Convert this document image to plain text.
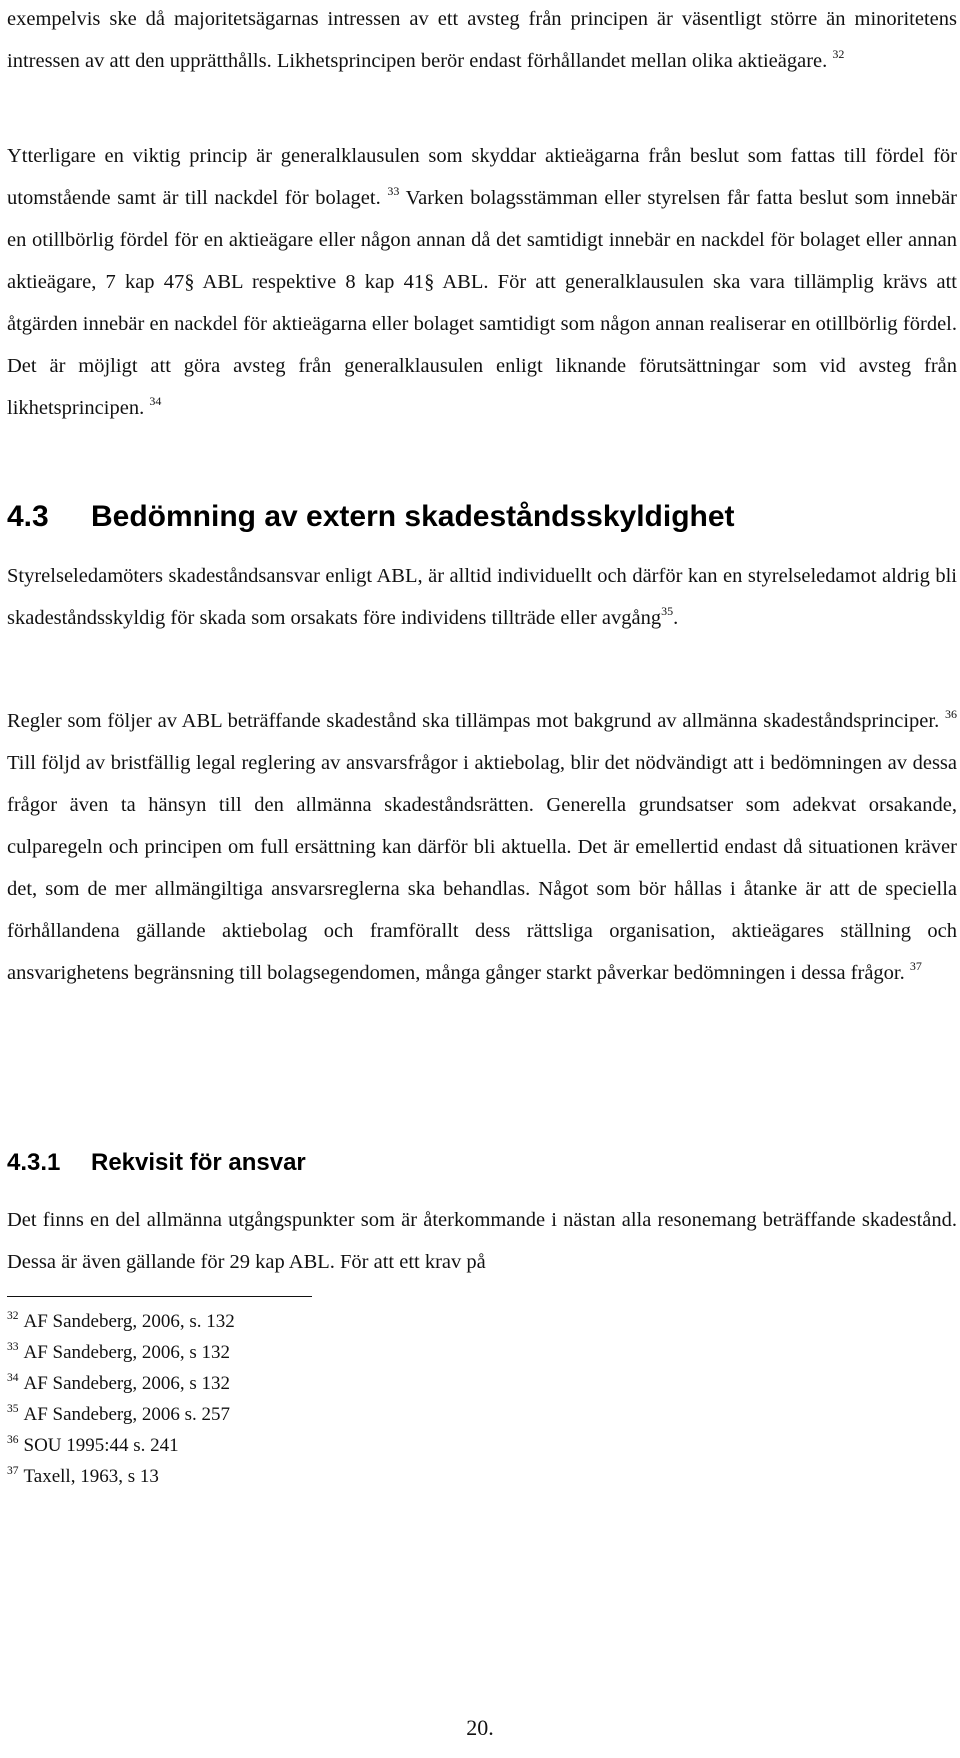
exempelvis ske då majoritetsägarnas intressen av ett avsteg från principen är väsentligt större än minoritetens intressen av att den upprätthålls. Likhetsprincipen berör endast förhållandet mellan olika aktieägare. $^{32}$

Ytterligare en viktig princip är generalklausulen som skyddar aktieägarna från beslut som fattas till fördel för utomstående samt är till nackdel för bolaget. $^{33}$ Varken bolagsstämman eller styrelsen får fatta beslut som innebär en otillbörlig fördel för en aktieägare eller någon annan då det samtidigt innebär en nackdel för bolaget eller annan aktieägare, 7 kap 47§ ABL respektive 8 kap 41§ ABL. För att generalklausulen ska vara tillämplig krävs att åtgärden innebär en nackdel för aktieägarna eller bolaget samtidigt som någon annan realiserar en otillbörlig fördel. Det är möjligt att göra avsteg från generalklausulen enligt liknande förutsättningar som vid avsteg från likhetsprincipen. $^{34}$

4.3 Bedömning av extern skadeståndsskyldighet

Styrelseledamöters skadeståndsansvar enligt ABL, är alltid individuellt och därför kan en styrelseledamot aldrig bli skadeståndsskyldig för skada som orsakats före individens tillträde eller avgång$^{35}$.

Regler som följer av ABL beträffande skadestånd ska tillämpas mot bakgrund av allmänna skadeståndsprinciper. $^{36}$ Till följd av bristfällig legal reglering av ansvarsfrågor i aktiebolag, blir det nödvändigt att i bedömningen av dessa frågor även ta hänsyn till den allmänna skadeståndsrätten. Generella grundsatser som adekvat orsakande, culparegeln och principen om full ersättning kan därför bli aktuella. Det är emellertid endast då situationen kräver det, som de mer allmängiltiga ansvarsreglerna ska behandlas. Något som bör hållas i åtanke är att de speciella förhållandena gällande aktiebolag och framförallt dess rättsliga organisation, aktieägares ställning och ansvarighetens begränsning till bolagsegendomen, många gånger starkt påverkar bedömningen i dessa frågor. $^{37}$

4.3.1 Rekvisit för ansvar

Det finns en del allmänna utgångspunkter som är återkommande i nästan alla resonemang beträffande skadestånd. Dessa är även gällande för 29 kap ABL. För att ett krav på

$^{32}$ AF Sandeberg, 2006, s. 132
$^{33}$ AF Sandeberg, 2006, s 132
$^{34}$ AF Sandeberg, 2006, s 132
$^{35}$ AF Sandeberg, 2006 s. 257
$^{36}$ SOU 1995:44 s. 241
$^{37}$ Taxell, 1963, s 13
20.
